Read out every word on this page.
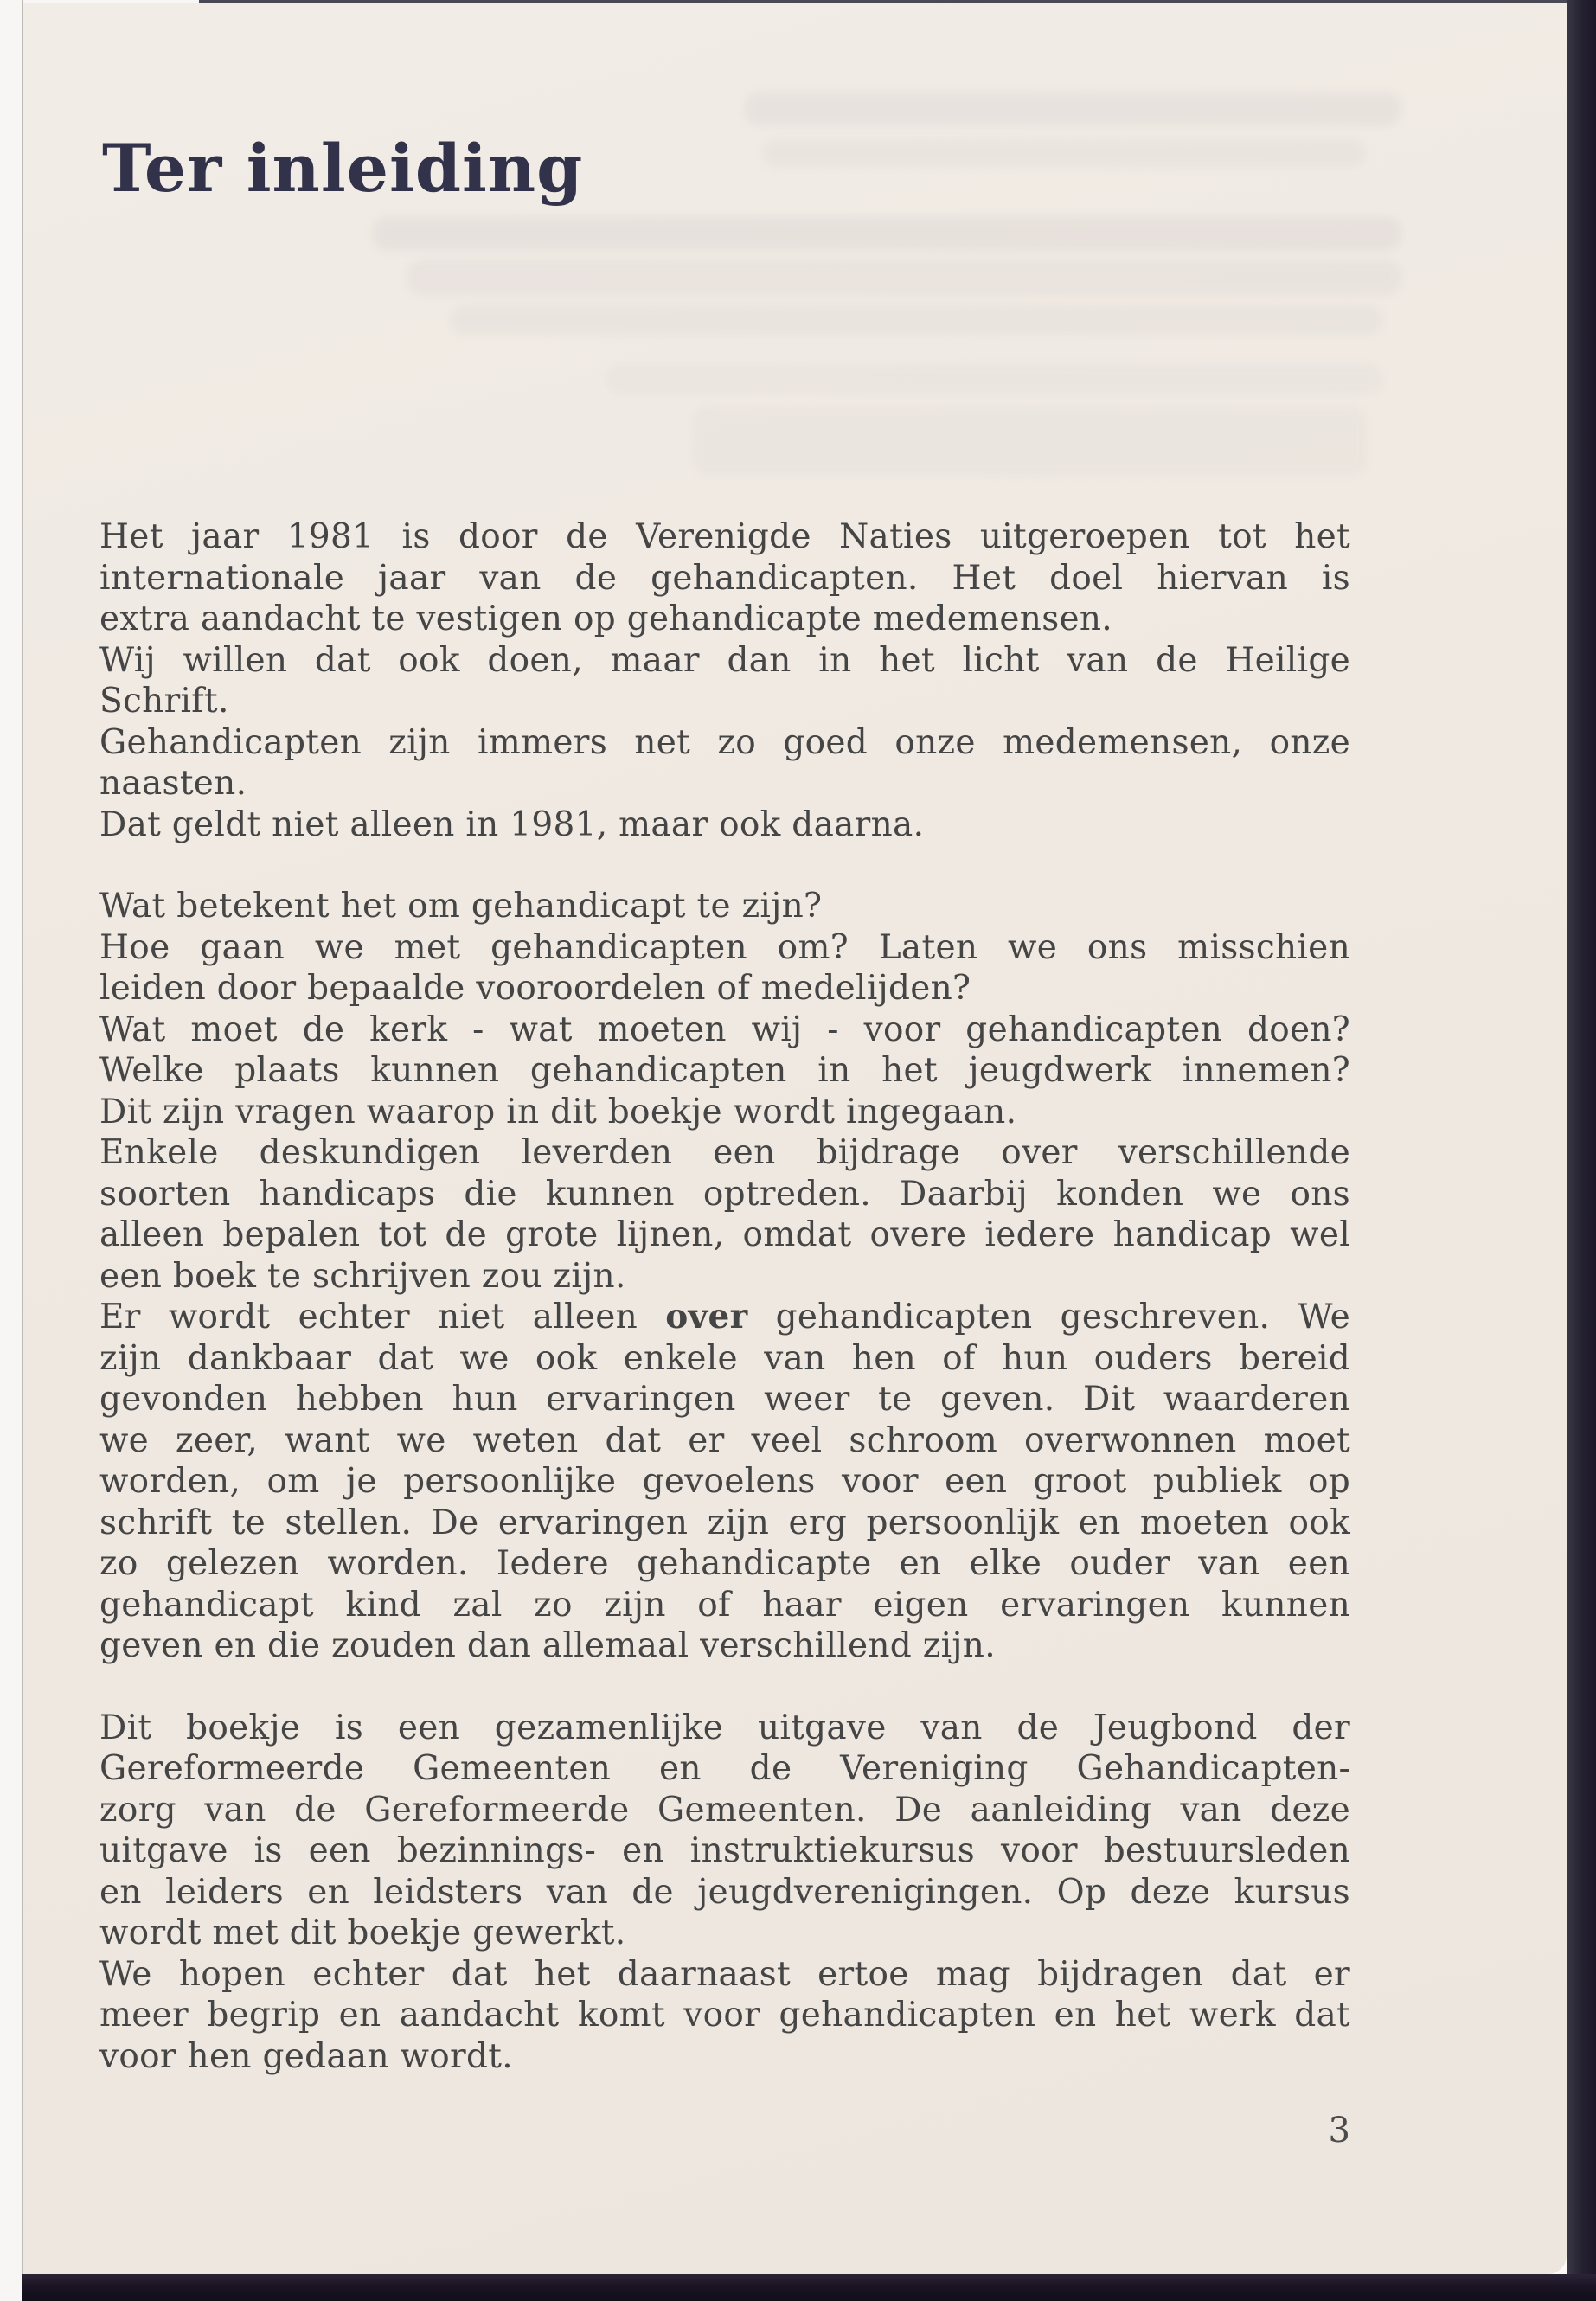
Ter inleiding
Het jaar 1981 is door de Verenigde Naties uitgeroepen tot het
internationale jaar van de gehandicapten. Het doel hiervan is
extra aandacht te vestigen op gehandicapte medemensen.
Wij willen dat ook doen, maar dan in het licht van de Heilige
Schrift.
Gehandicapten zijn immers net zo goed onze medemensen, onze
naasten.
Dat geldt niet alleen in 1981, maar ook daarna.
Wat betekent het om gehandicapt te zijn?
Hoe gaan we met gehandicapten om? Laten we ons misschien
leiden door bepaalde vooroordelen of medelijden?
Wat moet de kerk - wat moeten wij - voor gehandicapten doen?
Welke plaats kunnen gehandicapten in het jeugdwerk innemen?
Dit zijn vragen waarop in dit boekje wordt ingegaan.
Enkele deskundigen leverden een bijdrage over verschillende
soorten handicaps die kunnen optreden. Daarbij konden we ons
alleen bepalen tot de grote lijnen, omdat overe iedere handicap wel
een boek te schrijven zou zijn.
Er wordt echter niet alleen over gehandicapten geschreven. We
zijn dankbaar dat we ook enkele van hen of hun ouders bereid
gevonden hebben hun ervaringen weer te geven. Dit waarderen
we zeer, want we weten dat er veel schroom overwonnen moet
worden, om je persoonlijke gevoelens voor een groot publiek op
schrift te stellen. De ervaringen zijn erg persoonlijk en moeten ook
zo gelezen worden. Iedere gehandicapte en elke ouder van een
gehandicapt kind zal zo zijn of haar eigen ervaringen kunnen
geven en die zouden dan allemaal verschillend zijn.
Dit boekje is een gezamenlijke uitgave van de Jeugbond der
Gereformeerde Gemeenten en de Vereniging Gehandicapten-
zorg van de Gereformeerde Gemeenten. De aanleiding van deze
uitgave is een bezinnings- en instruktiekursus voor bestuursleden
en leiders en leidsters van de jeugdverenigingen. Op deze kursus
wordt met dit boekje gewerkt.
We hopen echter dat het daarnaast ertoe mag bijdragen dat er
meer begrip en aandacht komt voor gehandicapten en het werk dat
voor hen gedaan wordt.
3
